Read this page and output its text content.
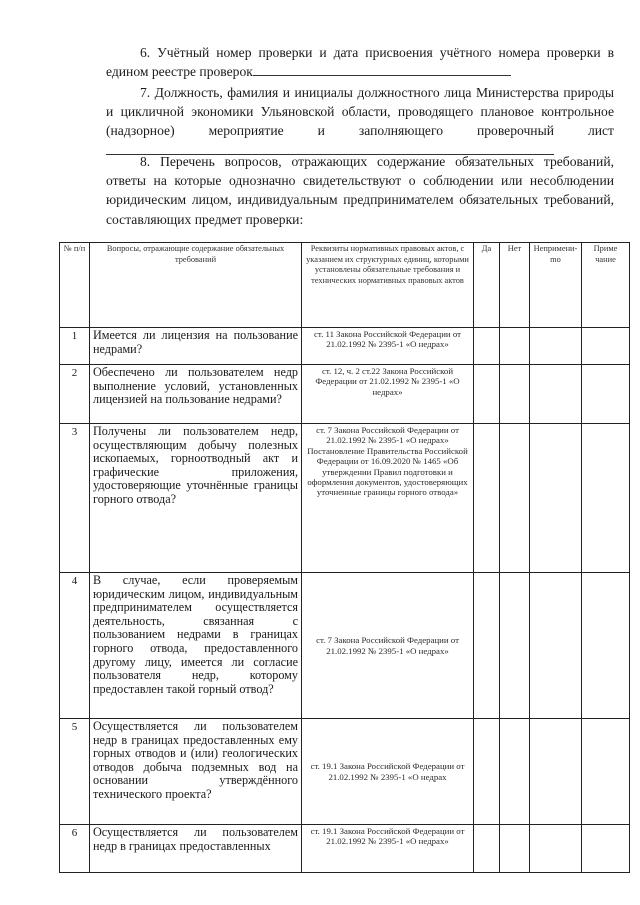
6. Учётный номер проверки и дата присвоения учётного номера проверки в едином реестре проверок
7. Должность, фамилия и инициалы должностного лица Министерства природы и цикличной экономики Ульяновской области, проводящего плановое контрольное (надзорное) мероприятие и заполняющего проверочный лист
8. Перечень вопросов, отражающих содержание обязательных требований, ответы на которые однозначно свидетельствуют о соблюдении или несоблюдении юридическим лицом, индивидуальным предпринимателем обязательных требований, составляющих предмет проверки:
№ п/п	Вопросы, отражающие содержание обязательных требований	Реквизиты нормативных правовых актов, с указанием их структурных единиц, которыми установлены обязательные требования и технических нормативных правовых актов	Да	Нет	Непримениmo	Приме чание
1	Имеется ли лицензия на пользование недрами?	ст. 11 Закона Российской Федерации от 21.02.1992 № 2395-1 «О недрах»				
2	Обеспечено ли пользователем недр выполнение условий, установленных лицензией на пользование недрами?	ст. 12, ч. 2 ст.22 Закона Российской Федерации от 21.02.1992 № 2395-1 «О недрах»				
3	Получены ли пользователем недр, осуществляющим добычу полезных ископаемых, горноотводный акт и графические приложения, удостоверяющие уточнённые границы горного отвода?	ст. 7 Закона Российской Федерации от 21.02.1992 № 2395-1 «О недрах» Постановление Правительства Российской Федерации от 16.09.2020 № 1465 «Об утверждении Правил подготовки и оформления документов, удостоверяющих уточненные границы горного отвода»				
4	В случае, если проверяемым юридическим лицом, индивидуальным предпринимателем осуществляется деятельность, связанная с пользованием недрами в границах горного отвода, предоставленного другому лицу, имеется ли согласие пользователя недр, которому предоставлен такой горный отвод?	ст. 7 Закона Российской Федерации от 21.02.1992 № 2395-1 «О недрах»				
5	Осуществляется ли пользователем недр в границах предоставленных ему горных отводов и (или) геологических отводов добыча подземных вод на основании утверждённого технического проекта?	ст. 19.1 Закона Российской Федерации от 21.02.1992 № 2395-1 «О недрах				
6	Осуществляется ли пользователем недр в границах предоставленных	ст. 19.1 Закона Российской Федерации от 21.02.1992 № 2395-1 «О недрах»				
